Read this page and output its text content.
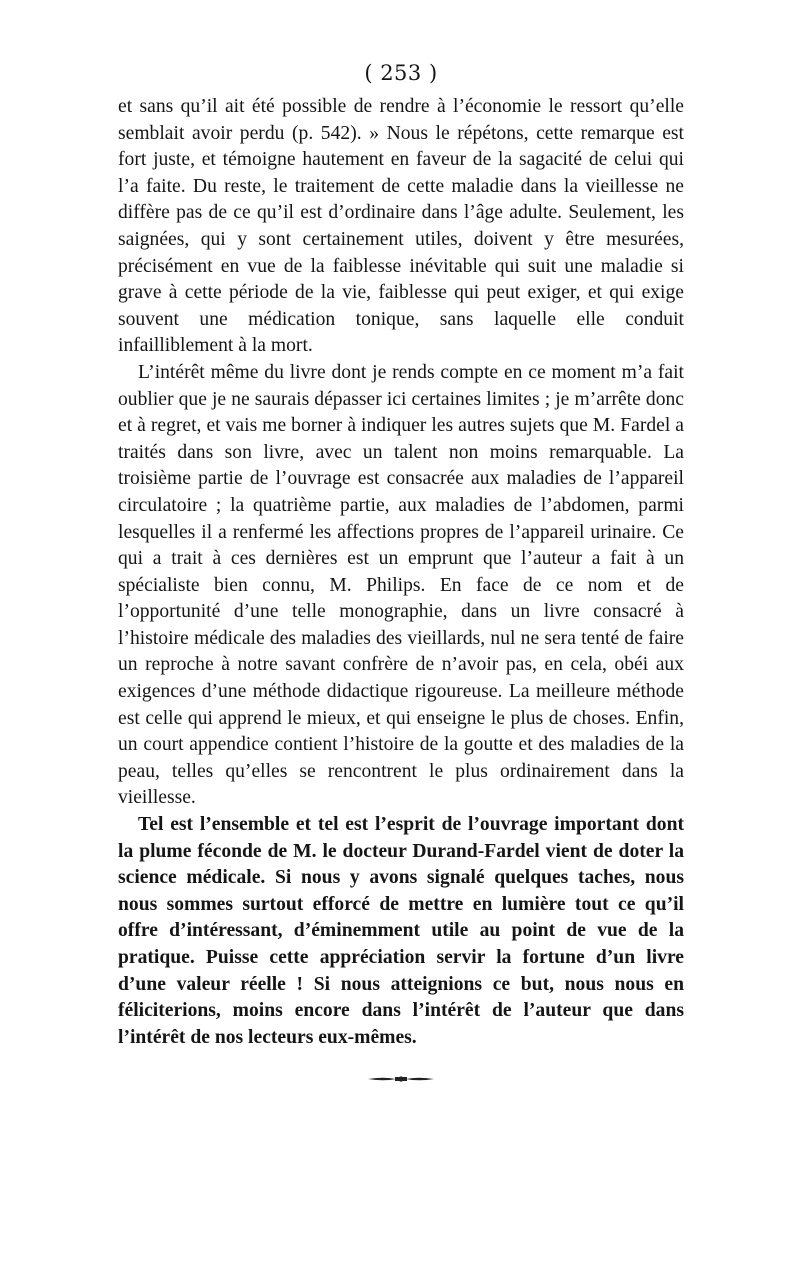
( 253 )

et sans qu’il ait été possible de rendre à l’économie le ressort qu’elle semblait avoir perdu (p. 542). » Nous le répétons, cette remarque est fort juste, et témoigne hautement en faveur de la sagacité de celui qui l’a faite. Du reste, le traitement de cette maladie dans la vieillesse ne diffère pas de ce qu’il est d’ordinaire dans l’âge adulte. Seulement, les saignées, qui y sont certainement utiles, doivent y être mesurées, précisément en vue de la faiblesse inévitable qui suit une maladie si grave à cette période de la vie, faiblesse qui peut exiger, et qui exige souvent une médication tonique, sans laquelle elle conduit infailliblement à la mort.

L’intérêt même du livre dont je rends compte en ce moment m’a fait oublier que je ne saurais dépasser ici certaines limites ; je m’arrête donc et à regret, et vais me borner à indiquer les autres sujets que M. Fardel a traités dans son livre, avec un talent non moins remarquable. La troisième partie de l’ouvrage est consacrée aux maladies de l’appareil circulatoire ; la quatrième partie, aux maladies de l’abdomen, parmi lesquelles il a renfermé les affections propres de l’appareil urinaire. Ce qui a trait à ces dernières est un emprunt que l’auteur a fait à un spécialiste bien connu, M. Philips. En face de ce nom et de l’opportunité d’une telle monographie, dans un livre consacré à l’histoire médicale des maladies des vieillards, nul ne sera tenté de faire un reproche à notre savant confrère de n’avoir pas, en cela, obéi aux exigences d’une méthode didactique rigoureuse. La meilleure méthode est celle qui apprend le mieux, et qui enseigne le plus de choses. Enfin, un court appendice contient l’histoire de la goutte et des maladies de la peau, telles qu’elles se rencontrent le plus ordinairement dans la vieillesse.

Tel est l’ensemble et tel est l’esprit de l’ouvrage important dont la plume féconde de M. le docteur Durand-Fardel vient de doter la science médicale. Si nous y avons signalé quelques taches, nous nous sommes surtout efforcé de mettre en lumière tout ce qu’il offre d’intéressant, d’éminemment utile au point de vue de la pratique. Puisse cette appréciation servir la fortune d’un livre d’une valeur réelle ! Si nous atteignions ce but, nous nous en féliciterions, moins encore dans l’intérêt de l’auteur que dans l’intérêt de nos lecteurs eux-mêmes.
